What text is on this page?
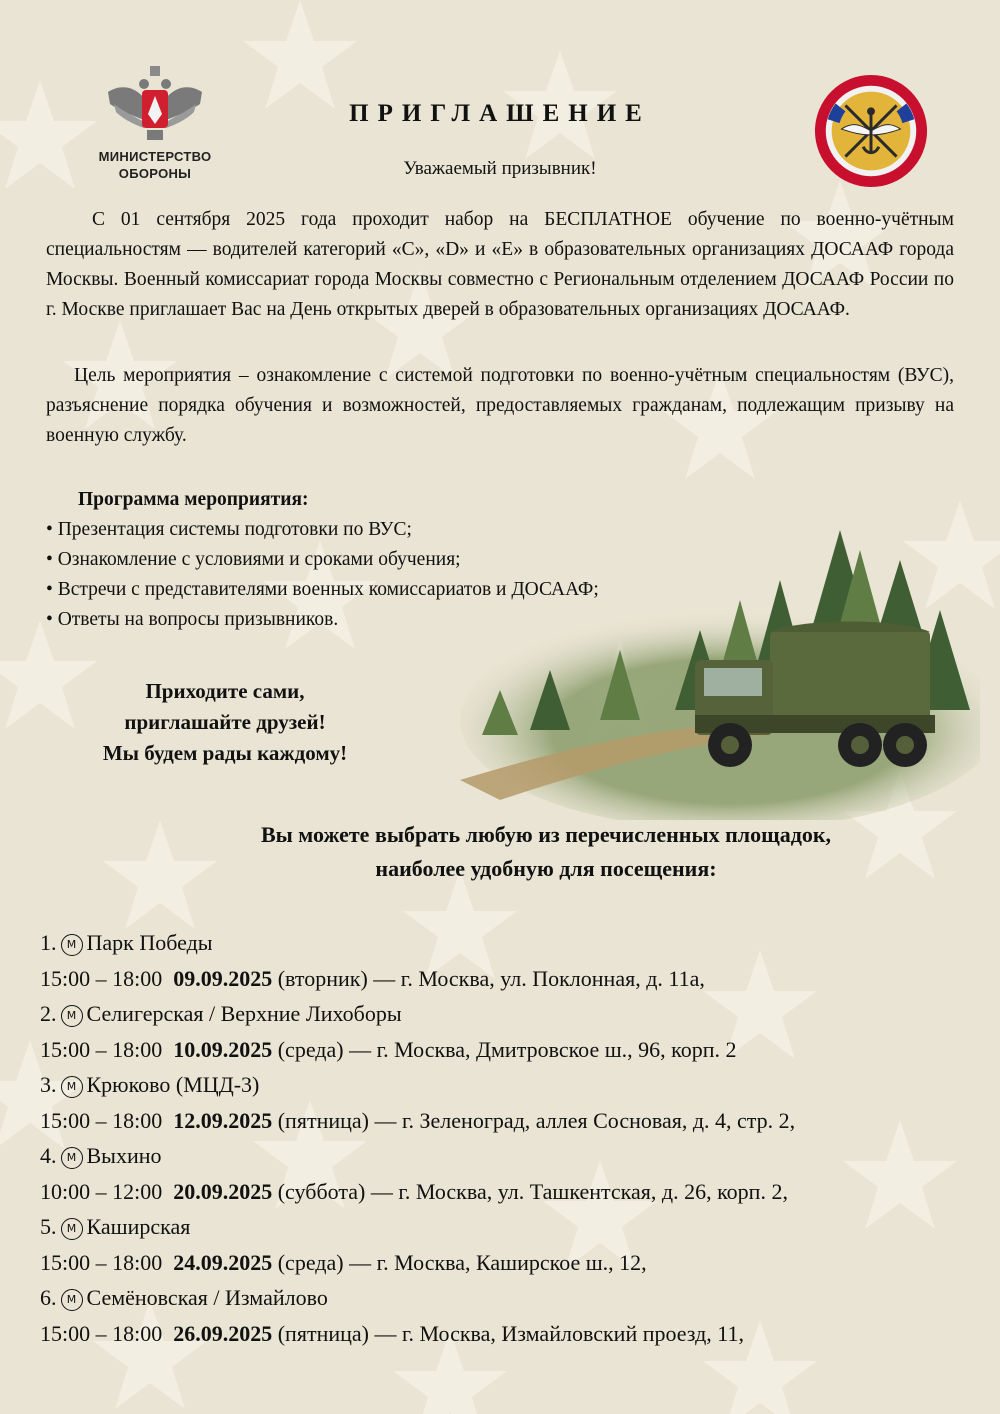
МИНИСТЕРСТВО
ОБОРОНЫ
ПРИГЛАШЕНИЕ
Уважаемый призывник!
С 01 сентября 2025 года проходит набор на БЕСПЛАТНОЕ обучение по военно-учётным специальностям — водителей категорий «C», «D» и «E» в образовательных организациях ДОСААФ города Москвы. Военный комиссариат города Москвы совместно с Региональным отделением ДОСААФ России по г. Москве приглашает Вас на День открытых дверей в образовательных организациях ДОСААФ.
Цель мероприятия – ознакомление с системой подготовки по военно-учётным специальностям (ВУС), разъяснение порядка обучения и возможностей, предоставляемых гражданам, подлежащим призыву на военную службу.
Программа мероприятия:
• Презентация системы подготовки по ВУС;
• Ознакомление с условиями и сроками обучения;
• Встречи с представителями военных комиссариатов и ДОСААФ;
• Ответы на вопросы призывников.
Приходите сами,
приглашайте друзей!
Мы будем рады каждому!
Вы можете выбрать любую из перечисленных площадок,
наиболее удобную для посещения:
1. М Парк Победы
15:00 – 18:00 09.09.2025 (вторник) — г. Москва, ул. Поклонная, д. 11а,
2. М Селигерская / Верхние Лихоборы
15:00 – 18:00 10.09.2025 (среда) — г. Москва, Дмитровское ш., 96, корп. 2
3. М Крюково (МЦД-3)
15:00 – 18:00 12.09.2025 (пятница) — г. Зеленоград, аллея Сосновая, д. 4, стр. 2,
4. М Выхино
10:00 – 12:00 20.09.2025 (суббота) — г. Москва, ул. Ташкентская, д. 26, корп. 2,
5. М Каширская
15:00 – 18:00 24.09.2025 (среда) — г. Москва, Каширское ш., 12,
6. М Семёновская / Измайлово
15:00 – 18:00 26.09.2025 (пятница) — г. Москва, Измайловский проезд, 11,
